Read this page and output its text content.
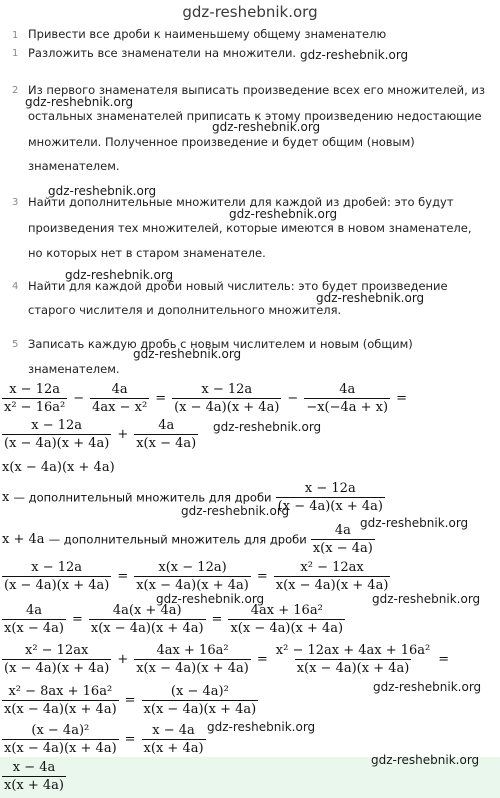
gdz-reshebnik.org
1 Привести все дроби к наименьшему общему знаменателю
1 Разложить все знаменатели на множители.
2 Из первого знаменателя выписать произведение всех его множителей, из
остальных знаменателей приписать к этому произведению недостающие
множители. Полученное произведение и будет общим (новым)
знаменателем.
3 Найти дополнительные множители для каждой из дробей: это будут
произведения тех множителей, которые имеются в новом знаменателе,
но которых нет в старом знаменателе.
4 Найти для каждой дроби новый числитель: это будет произведение
старого числителя и дополнительного множителя.
5 Записать каждую дробь с новым числителем и новым (общим)
знаменателем.
$\frac{x - 12a}{\text{x² − 16a²}} - \frac{4a}{\text{4ax − x²}} = \frac{x - 12a}{(x - 4a)(x + 4a)} - \frac{4a}{-x(-4a + x)}$ =
$\frac{x - 12a}{(x - 4a)(x + 4a)} + \frac{4a}{x(x - 4a)}$
x(x − 4a)(x + 4a)
x — дополнительный множитель для дроби $\frac{x - 12a}{(x - 4a)(x + 4a)}$
x + 4a — дополнительный множитель для дроби $\frac{4a}{x(x - 4a)}$
$\frac{x - 12a}{(x - 4a)(x + 4a)} = \frac{x(x - 12a)}{x(x - 4a)(x + 4a)} = \frac{\text{x² − 12ax}}{x(x - 4a)(x + 4a)}$
$\frac{4a}{x(x - 4a)} = \frac{4a(x + 4a)}{x(x - 4a)(x + 4a)} = \frac{\text{4ax + 16a²}}{x(x - 4a)(x + 4a)}$
$\frac{\text{x² − 12ax}}{(x - 4a)(x + 4a)} + \frac{\text{4ax + 16a²}}{x(x - 4a)(x + 4a)} = \frac{\text{x² − 12ax + 4ax + 16a²}}{x(x - 4a)(x + 4a)}$ =
$\frac{\text{x² − 8ax + 16a²}}{x(x - 4a)(x + 4a)} = \frac{\text{(x − 4a)²}}{x(x - 4a)(x + 4a)}$
$\frac{\text{(x − 4a)²}}{x(x - 4a)(x + 4a)} = \frac{x - 4a}{x(x + 4a)}$
$\frac{x - 4a}{x(x + 4a)}$
gdz-reshebnik.org
gdz-reshebnik.org
gdz-reshebnik.org
gdz-reshebnik.org
gdz-reshebnik.org
gdz-reshebnik.org
gdz-reshebnik.org
gdz-reshebnik.org
gdz-reshebnik.org
gdz-reshebnik.org
gdz-reshebnik.org
gdz-reshebnik.org	gdz-reshebnik.org
gdz-reshebnik.org
gdz-reshebnik.org
gdz-reshebnik.org
